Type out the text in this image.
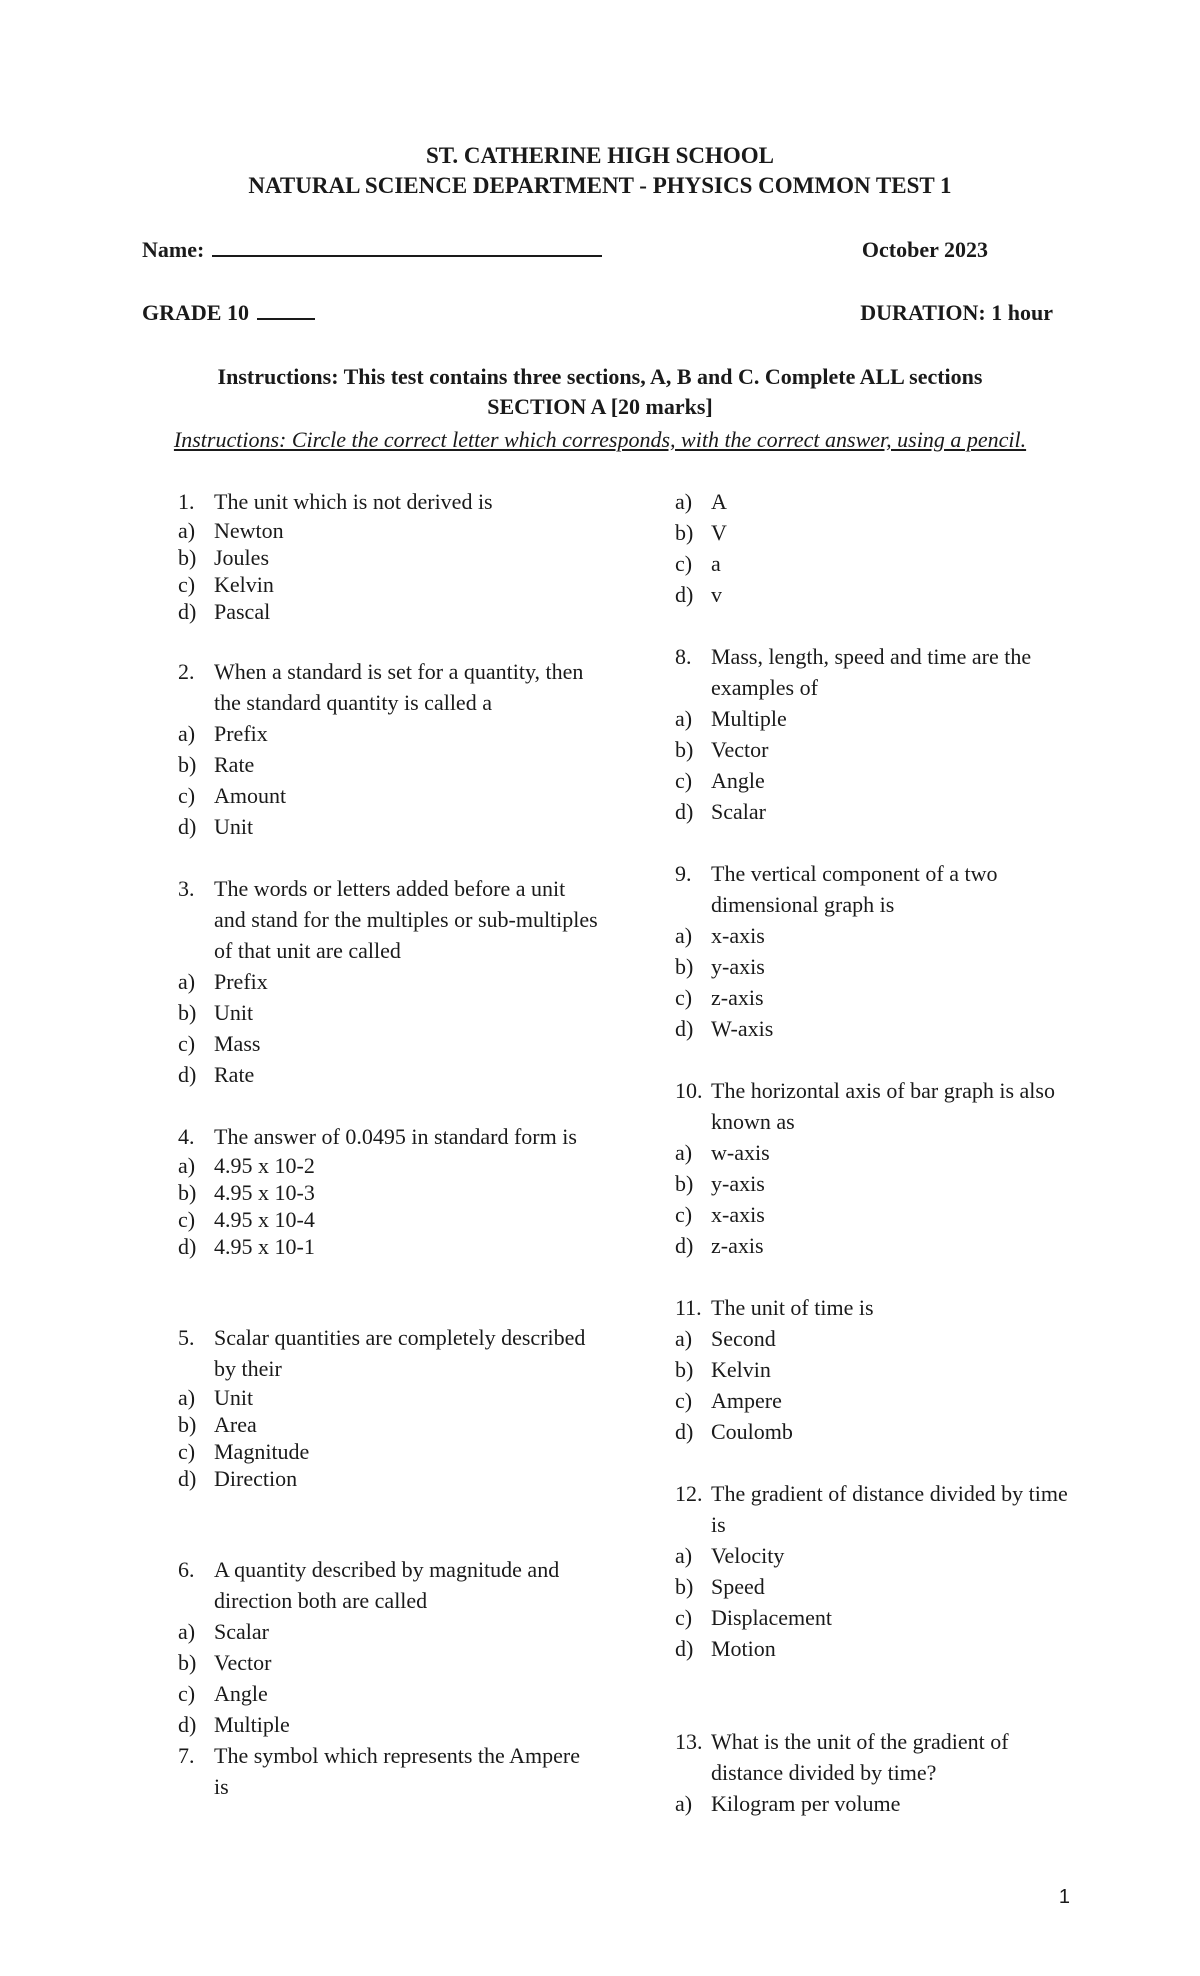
ST. CATHERINE HIGH SCHOOL
NATURAL SCIENCE DEPARTMENT - PHYSICS COMMON TEST 1
Name:	October 2023
GRADE 10	DURATION: 1 hour
Instructions: This test contains three sections, A, B and C. Complete ALL sections
SECTION A [20 marks]
Instructions: Circle the correct letter which corresponds, with the correct answer, using a pencil.
1. The unit which is not derived is
a) Newton
b) Joules
c) Kelvin
d) Pascal
2. When a standard is set for a quantity, then the standard quantity is called a
a) Prefix
b) Rate
c) Amount
d) Unit
3. The words or letters added before a unit and stand for the multiples or sub-multiples of that unit are called
a) Prefix
b) Unit
c) Mass
d) Rate
4. The answer of 0.0495 in standard form is
a) 4.95 x 10-2
b) 4.95 x 10-3
c) 4.95 x 10-4
d) 4.95 x 10-1
5. Scalar quantities are completely described by their
a) Unit
b) Area
c) Magnitude
d) Direction
6. A quantity described by magnitude and direction both are called
a) Scalar
b) Vector
c) Angle
d) Multiple
7. The symbol which represents the Ampere is
a) A
b) V
c) a
d) v
8. Mass, length, speed and time are the examples of
a) Multiple
b) Vector
c) Angle
d) Scalar
9. The vertical component of a two dimensional graph is
a) x-axis
b) y-axis
c) z-axis
d) W-axis
10. The horizontal axis of bar graph is also known as
a) w-axis
b) y-axis
c) x-axis
d) z-axis
11. The unit of time is
a) Second
b) Kelvin
c) Ampere
d) Coulomb
12. The gradient of distance divided by time is
a) Velocity
b) Speed
c) Displacement
d) Motion
13. What is the unit of the gradient of distance divided by time?
a) Kilogram per volume
1
